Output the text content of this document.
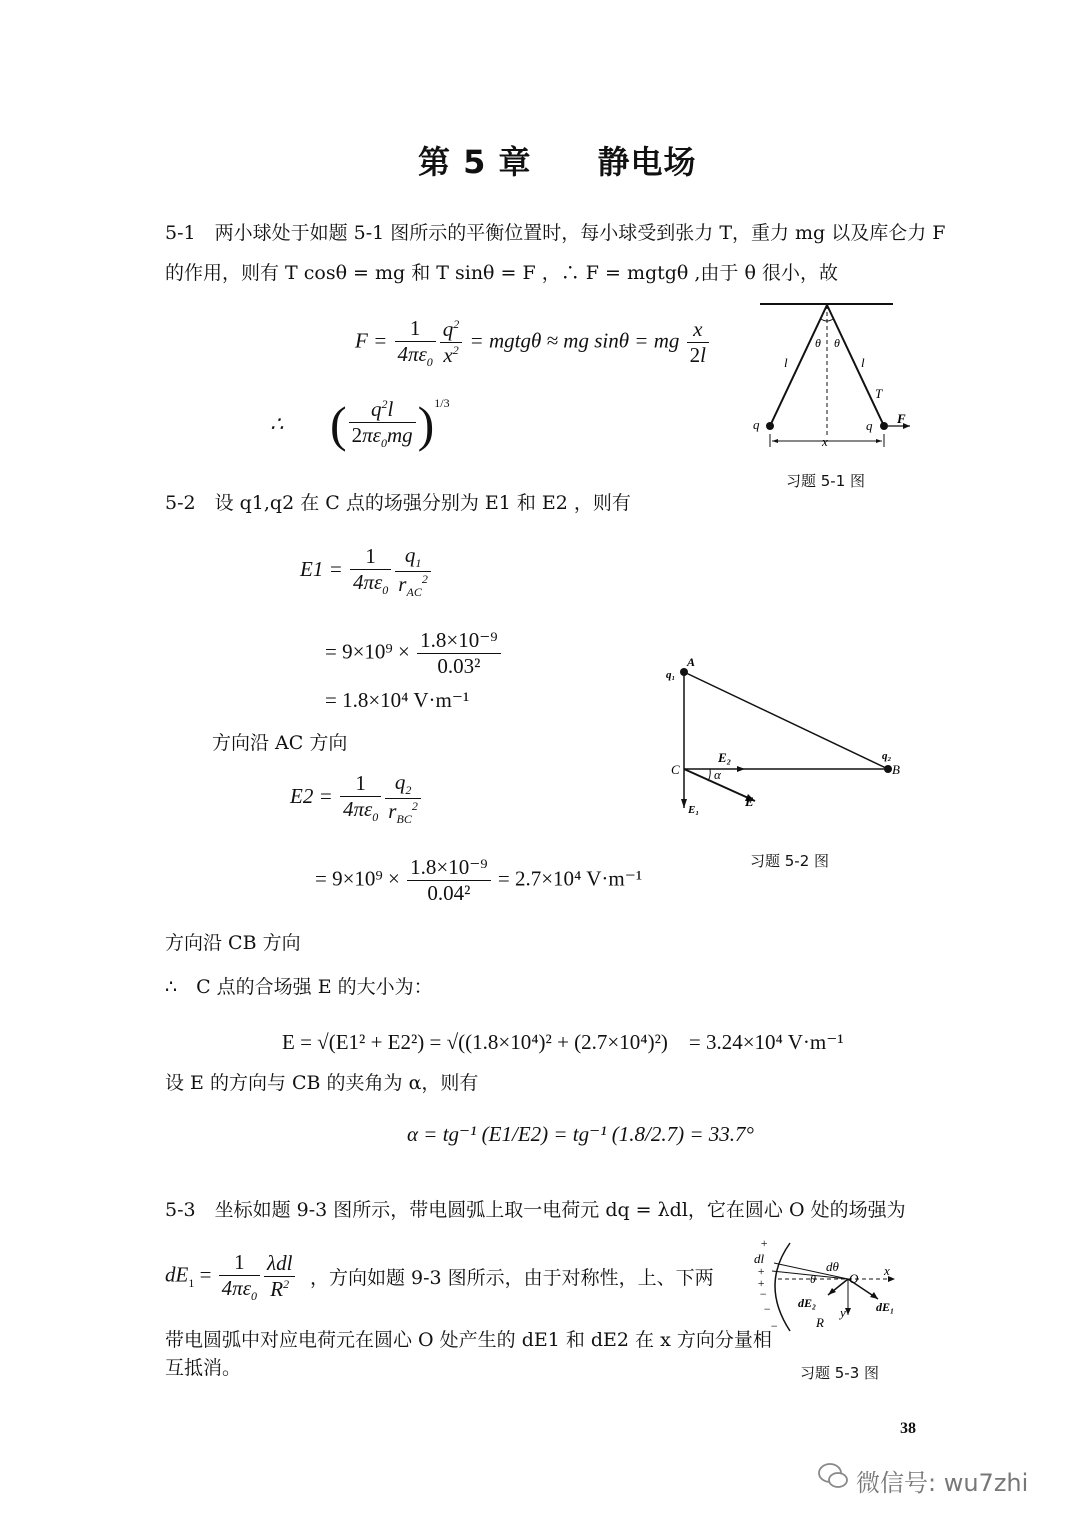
第 5 章　　静电场
5-1　两小球处于如题 5-1 图所示的平衡位置时，每小球受到张力 T，重力 mg 以及库仑力 F
的作用，则有 T cosθ = mg 和 T sinθ = F ，∴ F = mgtgθ ,由于 θ 很小，故
$F = \frac{1}{4\pi\varepsilon_0} \frac{q^2}{x^2}$ = mgtgθ ≈ mg sinθ = mg $\frac{x}{2l}$
∴ ( $\frac{q^2l}{2\pi\varepsilon_0mg} )^{1/3}$
θ θ
l	l
T
q	q F
x
习题 5-1 图
5-2　设 q1,q2 在 C 点的场强分别为 E1 和 E2 ，则有
$E1 = \frac{1}{4\pi\varepsilon_0} \frac{q_1}{r_{AC}^2}$
= $9\times 10^9 \times \frac{\text{1.8×10⁻⁹}}{\text{0.03²}}$
= 1.8×10⁴ V·m⁻¹
方向沿 AC 方向
$E2 = \frac{1}{4\pi\varepsilon_0} \frac{q_2}{r_{BC}^2}$
= $9\times 10^9 \times \frac{\text{1.8×10⁻⁹}}{\text{0.04²}} = 2.7\times 10^4$ V·m⁻¹
方向沿 CB 方向
∴　C 点的合场强 E 的大小为：
E = √(E1² + E2²) = √((1.8×10⁴)² + (2.7×10⁴)²)　= 3.24×10⁴ V·m⁻¹
设 E 的方向与 CB 的夹角为 α，则有
α = tg⁻¹ (E1/E2) = tg⁻¹ (1.8/2.7) = 33.7°
A
q₁
C	B
q₂
E₂
α
E
E₁
习题 5-2 图
5-3　坐标如题 9-3 图所示，带电圆弧上取一电荷元 dq = λdl，它在圆心 O 处的场强为
$dE_1 = \frac{1}{4\pi\varepsilon_0} \frac{\text{λdl}}{R^2}$ ，方向如题 9-3 图所示，由于对称性，上、下两
带电圆弧中对应电荷元在圆心 O 处产生的 dE1 和 dE2 在 x 方向分量相
互抵消。
+
dl
+
+
−
−
−
dθ
θ	O
x
y
dE₂	dE₁
R
习题 5-3 图
38
微信号: wu7zhi
